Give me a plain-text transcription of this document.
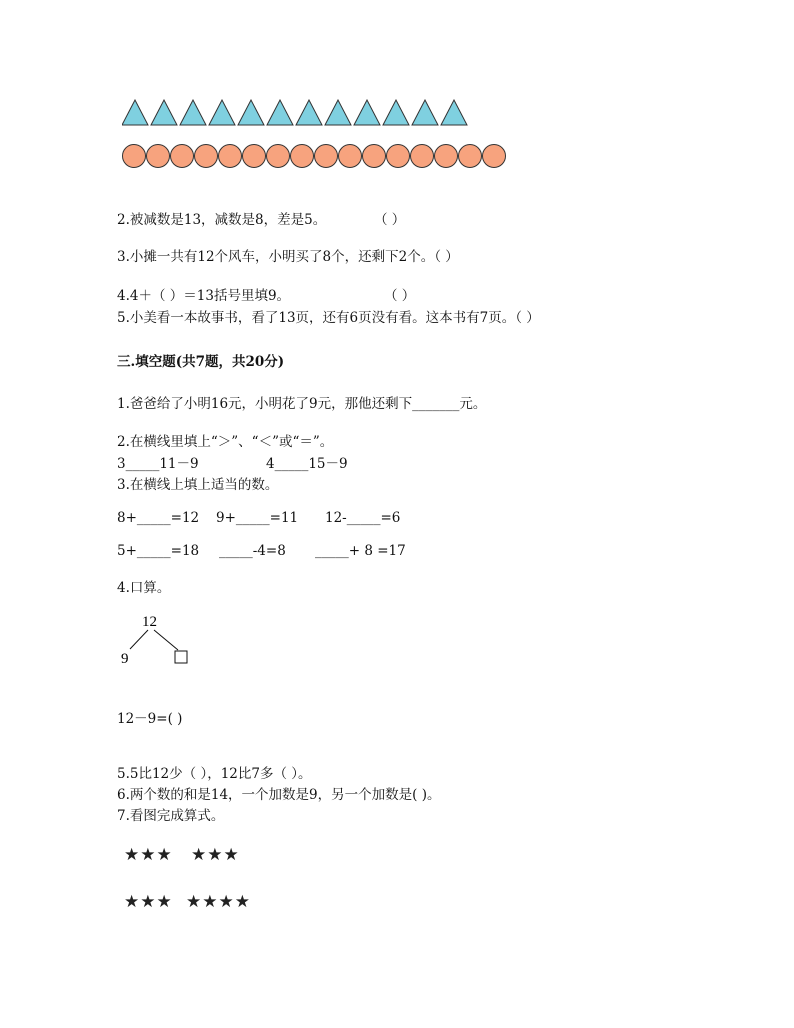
2.被减数是13，减数是8，差是5。	（ ）
3.小摊一共有12个风车，小明买了8个，还剩下2个。（ ）
4.4＋（ ）＝13括号里填9。	（ ）
5.小美看一本故事书，看了13页，还有6页没有看。这本书有7页。（ ）
三.填空题(共7题，共20分)
1.爸爸给了小明16元，小明花了9元，那他还剩下_______元。
2.在横线里填上“＞”、“＜”或“＝”。
3_____11－9	4_____15－9
3.在横线上填上适当的数。
8+_____=12 9+_____=11 12-_____=6
5+_____=18 _____-4=8 _____+ 8 =17
4.口算。
12
9
12－9=( )
5.5比12少（ ），12比7多（ ）。
6.两个数的和是14，一个加数是9，另一个加数是( )。
7.看图完成算式。
★★★ ★★★
★★★ ★★★★
